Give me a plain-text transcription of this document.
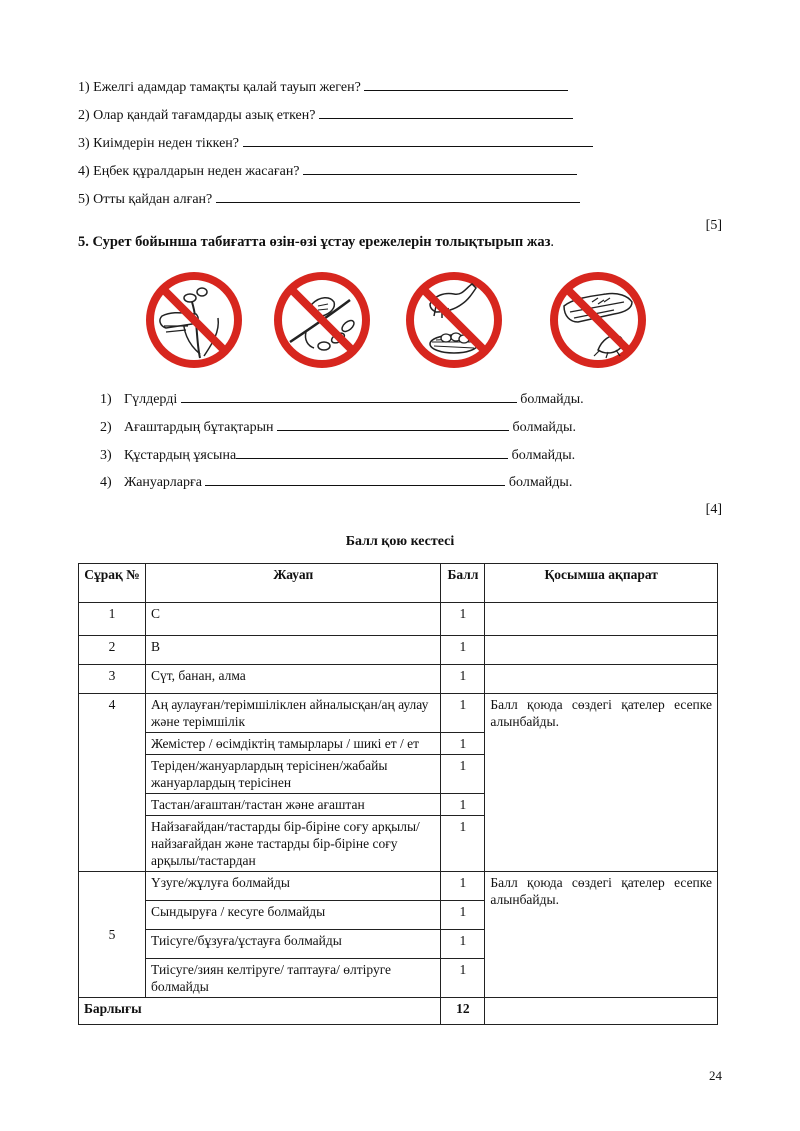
1) Ежелгі адамдар тамақты қалай тауып жеген?
2) Олар қандай тағамдарды азық еткен?
3) Киімдерін неден тіккен?
4) Еңбек құралдарын неден жасаған?
5) Отты қайдан алған?
[5]
5. Сурет бойынша табиғатта өзін-өзі ұстау ережелерін толықтырып жаз.
1) Гүлдерді	болмайды.
2) Ағаштардың бұтақтарын	болмайды.
3) Құстардың ұясына	болмайды.
4) Жануарларға	болмайды.
[4]
Балл қою кестесі
Сұрақ №	Жауап	Балл	Қосымша ақпарат
1	C	1	
2	B	1	
3	Сүт, банан, алма	1	
4	Аң аулауған/терімшіліклен айналысқан/аң аулау және терімшілік	1	Балл қоюда сөздегі қателер есепке алынбайды.
	Жемістер / өсімдіктің тамырлары / шикі ет / ет	1	
	Теріден/жануарлардың терісінен/жабайы жануарлардың терісінен	1	
	Тастан/ағаштан/тастан және ағаштан	1	
	Найзағайдан/тастарды бір-біріне соғу арқылы/ найзағайдан және тастарды бір-біріне соғу арқылы/тастардан	1	
5	Үзуге/жұлуға болмайды	1	Балл қоюда сөздегі қателер есепке алынбайды.
	Сындыруға / кесуге болмайды	1	
	Тиісуге/бұзуға/ұстауға болмайды	1	
	Тиісуге/зиян келтіруге/ таптауға/ өлтіруге болмайды	1	
Барлығы		12	
24
